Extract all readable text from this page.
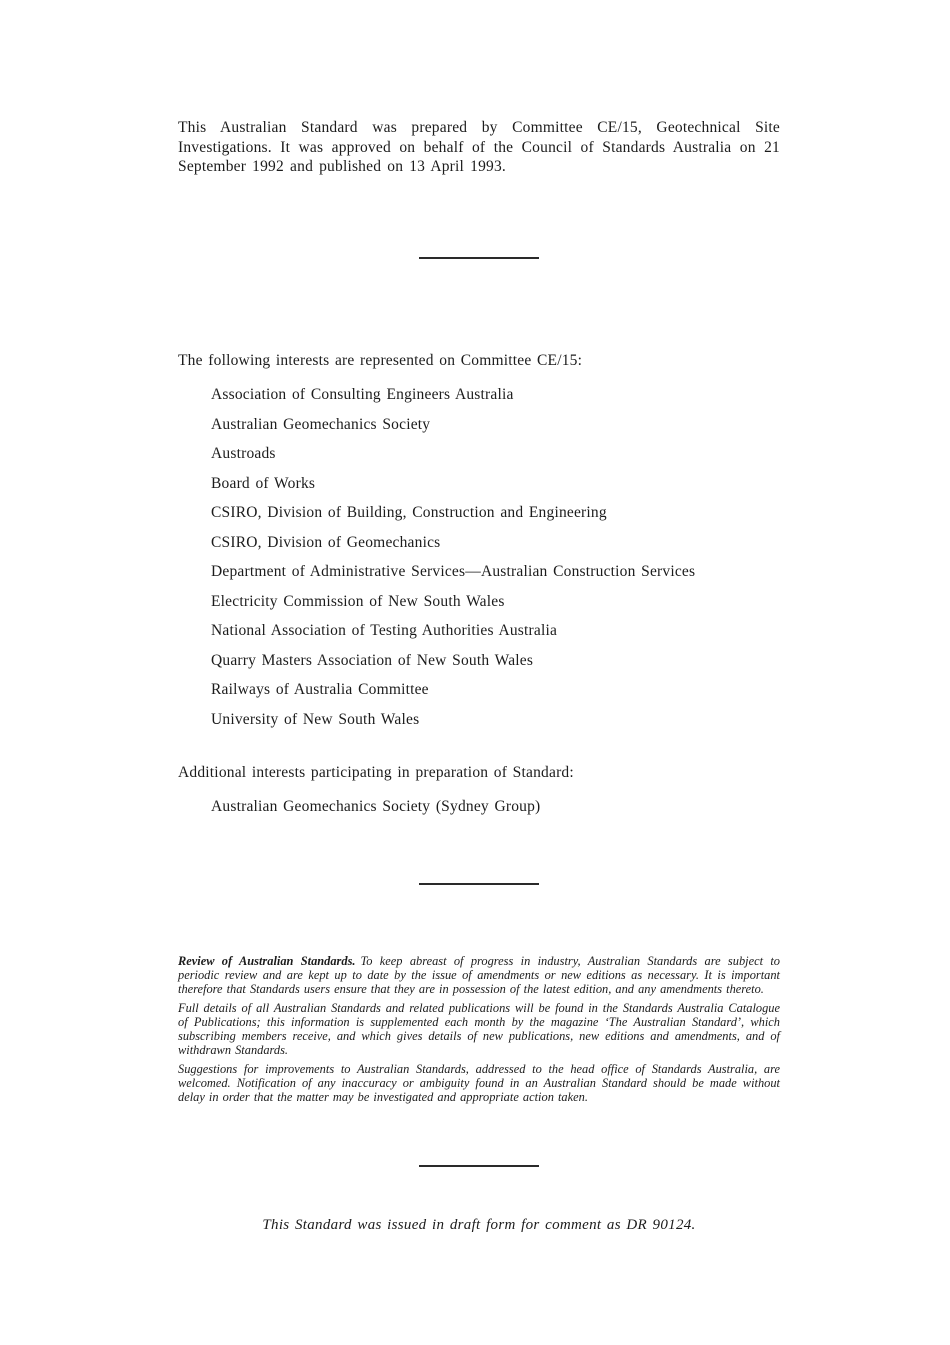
This Australian Standard was prepared by Committee CE/15, Geotechnical Site Investigations. It was approved on behalf of the Council of Standards Australia on 21 September 1992 and published on 13 April 1993.

The following interests are represented on Committee CE/15:

Association of Consulting Engineers Australia
Australian Geomechanics Society
Austroads
Board of Works
CSIRO, Division of Building, Construction and Engineering
CSIRO, Division of Geomechanics
Department of Administrative Services—Australian Construction Services
Electricity Commission of New South Wales
National Association of Testing Authorities Australia
Quarry Masters Association of New South Wales
Railways of Australia Committee
University of New South Wales

Additional interests participating in preparation of Standard:

Australian Geomechanics Society (Sydney Group)

Review of Australian Standards. To keep abreast of progress in industry, Australian Standards are subject to periodic review and are kept up to date by the issue of amendments or new editions as necessary. It is important therefore that Standards users ensure that they are in possession of the latest edition, and any amendments thereto.

Full details of all Australian Standards and related publications will be found in the Standards Australia Catalogue of Publications; this information is supplemented each month by the magazine ‘The Australian Standard’, which subscribing members receive, and which gives details of new publications, new editions and amendments, and of withdrawn Standards.

Suggestions for improvements to Australian Standards, addressed to the head office of Standards Australia, are welcomed. Notification of any inaccuracy or ambiguity found in an Australian Standard should be made without delay in order that the matter may be investigated and appropriate action taken.

This Standard was issued in draft form for comment as DR 90124.
